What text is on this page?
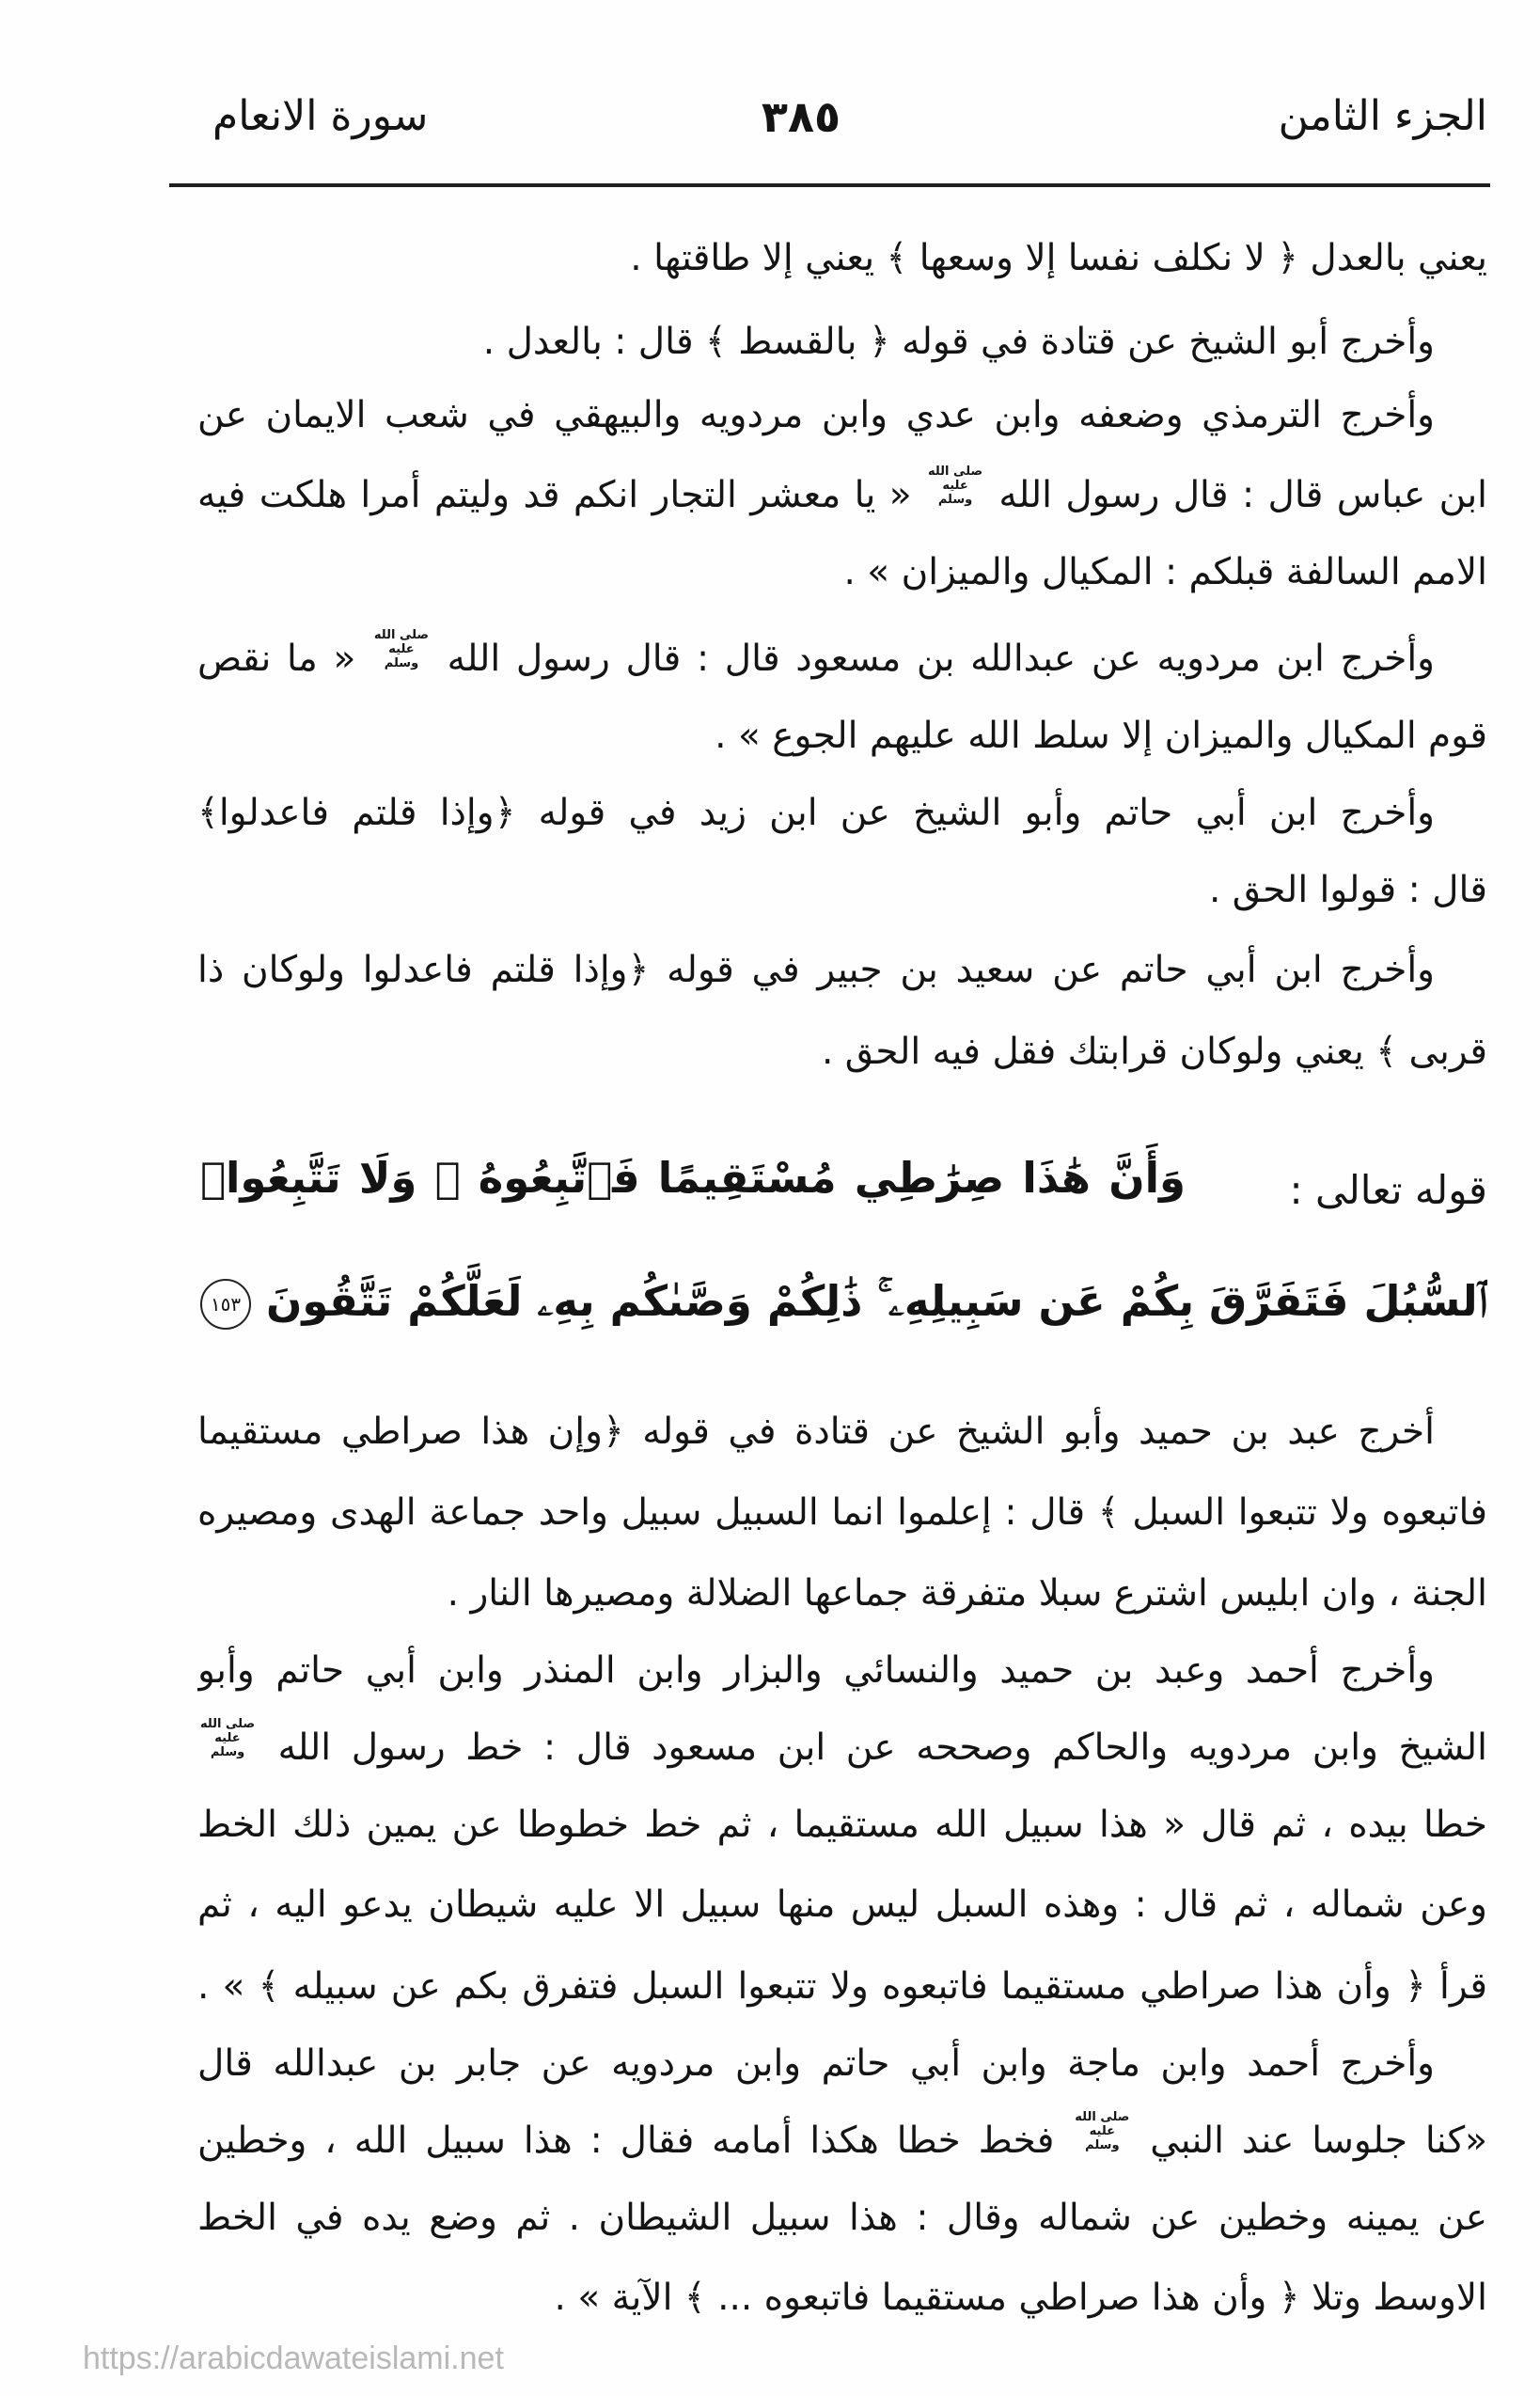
الجزء الثامن
٣٨٥
سورة الانعام
يعني بالعدل ﴿ لا نكلف نفسا إلا وسعها ﴾ يعني إلا طاقتها .
وأخرج أبو الشيخ عن قتادة في قوله ﴿ بالقسط ﴾ قال : بالعدل .
وأخرج الترمذي وضعفه وابن عدي وابن مردويه والبيهقي في شعب الايمان عن
ابن عباس قال : قال رسول الله صلى الله عليه وسلم « يا معشر التجار انكم قد وليتم أمرا هلكت فيه
الامم السالفة قبلكم : المكيال والميزان » .
وأخرج ابن مردويه عن عبدالله بن مسعود قال : قال رسول الله صلى الله عليه وسلم « ما نقص
قوم المكيال والميزان إلا سلط الله عليهم الجوع » .
وأخرج ابن أبي حاتم وأبو الشيخ عن ابن زيد في قوله ﴿وإذا قلتم فاعدلوا﴾
قال : قولوا الحق .
وأخرج ابن أبي حاتم عن سعيد بن جبير في قوله ﴿وإذا قلتم فاعدلوا ولوكان ذا
قربى ﴾ يعني ولوكان قرابتك فقل فيه الحق .
قوله تعالى :
وَأَنَّ هَٰذَا صِرَٰطِي مُسْتَقِيمًا فَٱتَّبِعُوهُ ۖ وَلَا تَتَّبِعُوا۟
ٱلسُّبُلَ فَتَفَرَّقَ بِكُمْ عَن سَبِيلِهِۦ ۚ ذَٰلِكُمْ وَصَّىٰكُم بِهِۦ لَعَلَّكُمْ تَتَّقُونَ ١٥٣
أخرج عبد بن حميد وأبو الشيخ عن قتادة في قوله ﴿وإن هذا صراطي مستقيما
فاتبعوه ولا تتبعوا السبل ﴾ قال : إعلموا انما السبيل سبيل واحد جماعة الهدى ومصيره
الجنة ، وان ابليس اشترع سبلا متفرقة جماعها الضلالة ومصيرها النار .
وأخرج أحمد وعبد بن حميد والنسائي والبزار وابن المنذر وابن أبي حاتم وأبو
الشيخ وابن مردويه والحاكم وصححه عن ابن مسعود قال : خط رسول الله صلى الله عليه وسلم
خطا بيده ، ثم قال « هذا سبيل الله مستقيما ، ثم خط خطوطا عن يمين ذلك الخط
وعن شماله ، ثم قال : وهذه السبل ليس منها سبيل الا عليه شيطان يدعو اليه ، ثم
قرأ ﴿ وأن هذا صراطي مستقيما فاتبعوه ولا تتبعوا السبل فتفرق بكم عن سبيله ﴾ » .
وأخرج أحمد وابن ماجة وابن أبي حاتم وابن مردويه عن جابر بن عبدالله قال
«كنا جلوسا عند النبي صلى الله عليه وسلم فخط خطا هكذا أمامه فقال : هذا سبيل الله ، وخطين
عن يمينه وخطين عن شماله وقال : هذا سبيل الشيطان . ثم وضع يده في الخط
الاوسط وتلا ﴿ وأن هذا صراطي مستقيما فاتبعوه ... ﴾ الآية » .
https://arabicdawateislami.net
